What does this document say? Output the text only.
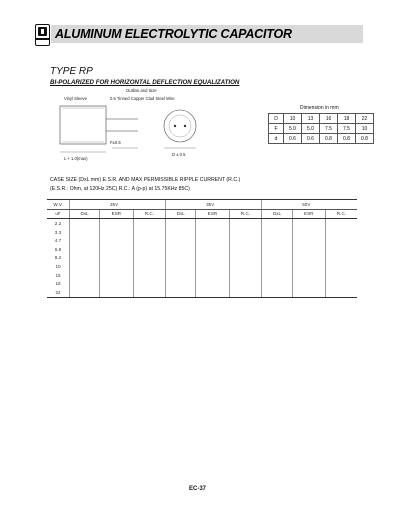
ALUMINUM ELECTROLYTIC CAPACITOR
TYPE RP
BI-POLARIZED FOR HORIZONTAL DEFLECTION EQUALIZATION
Vinyl Sleeve
Outline and Size
0.6 Tinned Copper Clad Steel Wire
F±0.5
L + 1.0(max)
D ± 0.5
Dimension in mm
D	10	13	16	18	22
F	5.0	5.0	7.5	7.5	10
d	0.6	0.6	0.8	0.8	0.8
CASE SIZE (DxL mm) E.S.R. AND MAX PERMISSIBLE RIPPLE CURRENT (R.C.)
(E.S.R.: Ohm, at 120Hz 25C) R.C.: A (p-p) at 15.75KHz 85C)
W.V.	25V			35V			50V		
uF	DxL	ESR	R.C.	DxL	ESR	R.C.	DxL	ESR	R.C.
2.2									
3.3									
4.7									
6.8									
8.2									
10									
15									
18									
22									
EC-37
